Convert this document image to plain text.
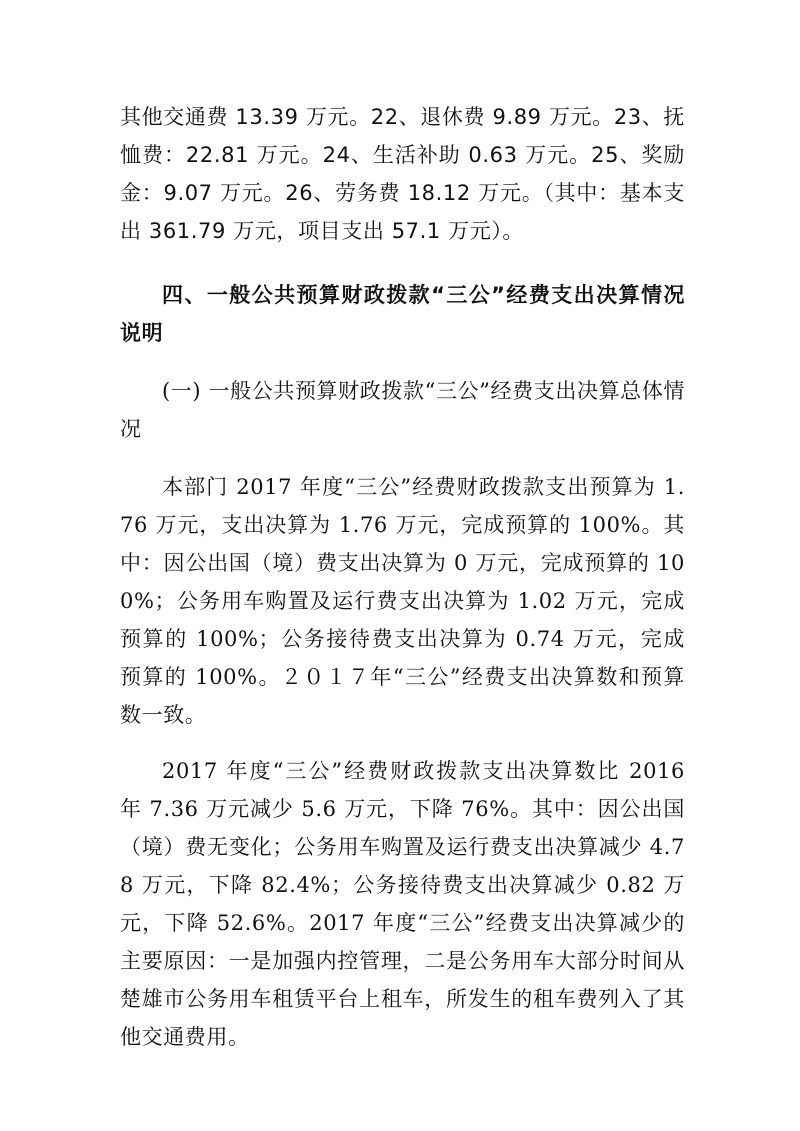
其他交通费 13.39 万元。22、退休费 9.89 万元。23、抚恤费：22.81 万元。24、生活补助 0.63 万元。25、奖励金：9.07 万元。26、劳务费 18.12 万元。（其中：基本支出 361.79 万元，项目支出 57.1 万元）。

四、一般公共预算财政拨款“三公”经费支出决算情况说明

(一) 一般公共预算财政拨款“三公”经费支出决算总体情况

本部门 2017 年度“三公”经费财政拨款支出预算为 1.76 万元，支出决算为 1.76 万元，完成预算的 100%。其中：因公出国（境）费支出决算为 0 万元，完成预算的 100%；公务用车购置及运行费支出决算为 1.02 万元，完成预算的 100%；公务接待费支出决算为 0.74 万元，完成预算的 100%。２０１７年“三公”经费支出决算数和预算数一致。

2017 年度“三公”经费财政拨款支出决算数比 2016 年 7.36 万元减少 5.6 万元，下降 76%。其中：因公出国（境）费无变化；公务用车购置及运行费支出决算减少 4.78 万元，下降 82.4%；公务接待费支出决算减少 0.82 万元，下降 52.6%。2017 年度“三公”经费支出决算减少的主要原因：一是加强内控管理，二是公务用车大部分时间从楚雄市公务用车租赁平台上租车，所发生的租车费列入了其他交通费用。
